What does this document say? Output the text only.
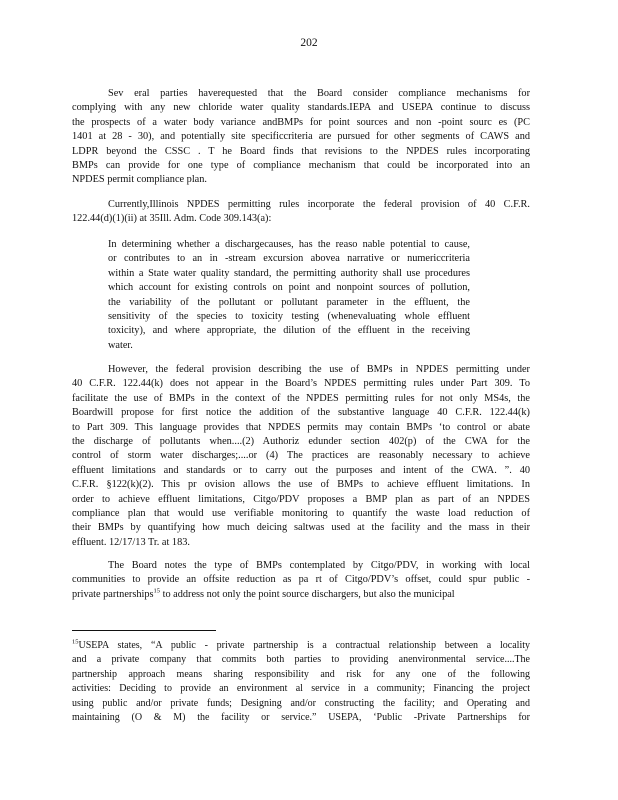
202
Sev eral parties haverequested that the Board consider compliance mechanisms for
complying with any new chloride water quality standards.IEPA and USEPA continue to discuss
the prospects of a water body variance andBMPs for point sources and non -point sourc es (PC
1401 at 28 - 30), and potentially site specificcriteria are pursued for other segments of CAWS and
LDPR beyond the CSSC . T he Board finds that revisions to the NPDES rules incorporating
BMPs can provide for one type of compliance mechanism that could be incorporated into an
NPDES permit compliance plan.
Currently,Illinois NPDES permitting rules incorporate the federal provision of 40 C.F.R.
122.44(d)(1)(ii) at 35Ill. Adm. Code 309.143(a):
In determining whether a dischargecauses, has the reaso nable potential to cause,
or contributes to an in -stream excursion abovea narrative or numericcriteria
within a State water quality standard, the permitting authority shall use procedures
which account for existing controls on point and nonpoint sources of pollution,
the variability of the pollutant or pollutant parameter in the effluent, the
sensitivity of the species to toxicity testing (whenevaluating whole effluent
toxicity), and where appropriate, the dilution of the effluent in the receiving
water.
However, the federal provision describing the use of BMPs in NPDES permitting under
40 C.F.R. 122.44(k) does not appear in the Board’s NPDES permitting rules under Part 309. To
facilitate the use of BMPs in the context of the NPDES permitting rules for not only MS4s, the
Boardwill propose for first notice the addition of the substantive language 40 C.F.R. 122.44(k)
to Part 309. This language provides that NPDES permits may contain BMPs ‘to control or abate
the discharge of pollutants when....(2) Authoriz edunder section 402(p) of the CWA for the
control of storm water discharges;....or (4) The practices are reasonably necessary to achieve
effluent limitations and standards or to carry out the purposes and intent of the CWA. ”. 40
C.F.R. §122(k)(2). This pr ovision allows the use of BMPs to achieve effluent limitations. In
order to achieve effluent limitations, Citgo/PDV proposes a BMP plan as part of an NPDES
compliance plan that would use verifiable monitoring to quantify the waste load reduction of
their BMPs by quantifying how much deicing saltwas used at the facility and the mass in their
effluent. 12/17/13 Tr. at 183.
The Board notes the type of BMPs contemplated by Citgo/PDV, in working with local
communities to provide an offsite reduction as pa rt of Citgo/PDV’s offset, could spur public -
private partnerships$^{15}$ to address not only the point source dischargers, but also the municipal
$^{15}$USEPA states, “A public - private partnership is a contractual relationship between a locality
and a private company that commits both parties to providing anenvironmental service....The
partnership approach means sharing responsibility and risk for any one of the following
activities: Deciding to provide an environment al service in a community; Financing the project
using public and/or private funds; Designing and/or constructing the facility; and Operating and
maintaining (O & M) the facility or service.” USEPA, ‘Public -Private Partnerships for
